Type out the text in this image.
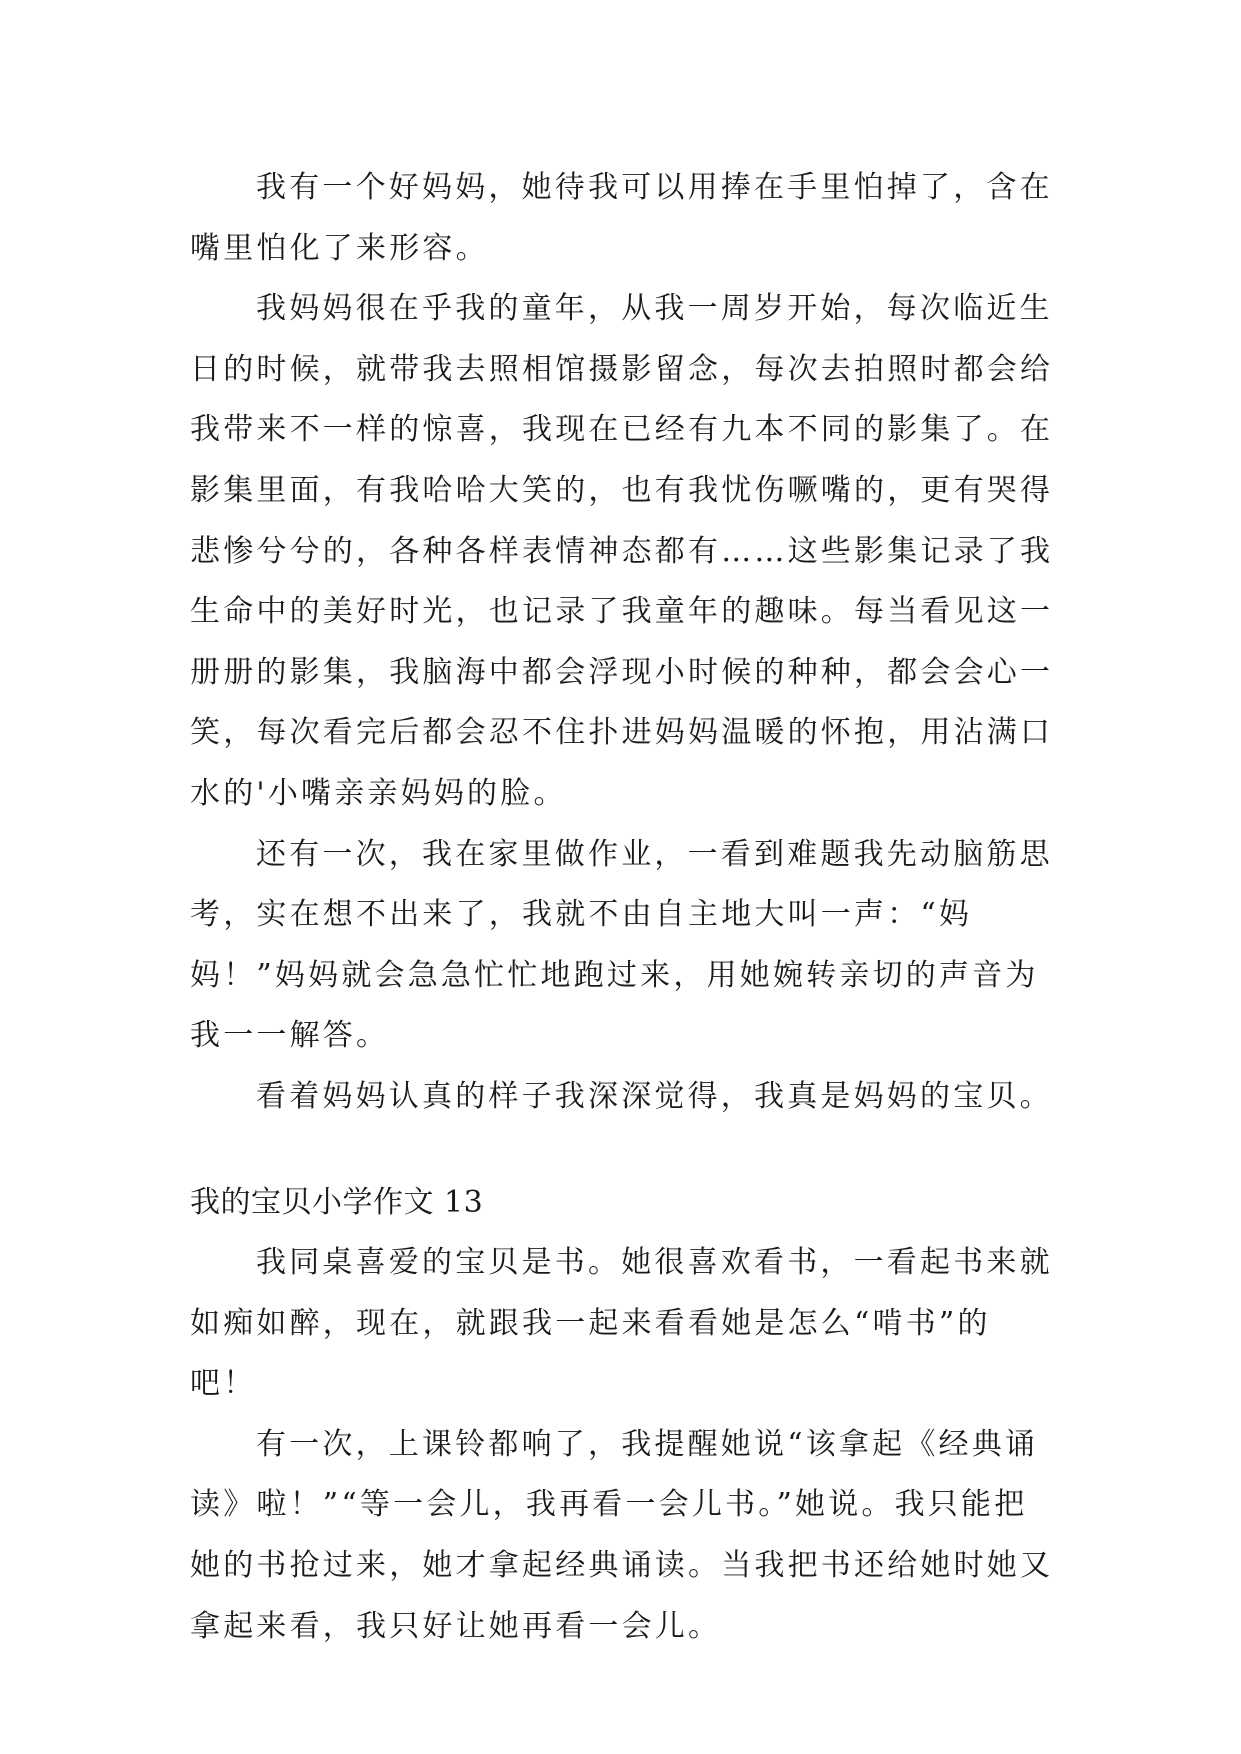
我有一个好妈妈，她待我可以用捧在手里怕掉了，含在嘴里怕化了来形容。

我妈妈很在乎我的童年，从我一周岁开始，每次临近生日的时候，就带我去照相馆摄影留念，每次去拍照时都会给我带来不一样的惊喜，我现在已经有九本不同的影集了。在影集里面，有我哈哈大笑的，也有我忧伤噘嘴的，更有哭得悲惨兮兮的，各种各样表情神态都有……这些影集记录了我生命中的美好时光，也记录了我童年的趣味。每当看见这一册册的影集，我脑海中都会浮现小时候的种种，都会会心一笑，每次看完后都会忍不住扑进妈妈温暖的怀抱，用沾满口水的'小嘴亲亲妈妈的脸。

还有一次，我在家里做作业，一看到难题我先动脑筋思考，实在想不出来了，我就不由自主地大叫一声：“妈妈！”妈妈就会急急忙忙地跑过来，用她婉转亲切的声音为我一一解答。

看着妈妈认真的样子我深深觉得，我真是妈妈的宝贝。

我的宝贝小学作文 13

我同桌喜爱的宝贝是书。她很喜欢看书，一看起书来就如痴如醉，现在，就跟我一起来看看她是怎么“啃书”的吧！

有一次，上课铃都响了，我提醒她说“该拿起《经典诵读》啦！”“等一会儿，我再看一会儿书。”她说。我只能把她的书抢过来，她才拿起经典诵读。当我把书还给她时她又拿起来看，我只好让她再看一会儿。
